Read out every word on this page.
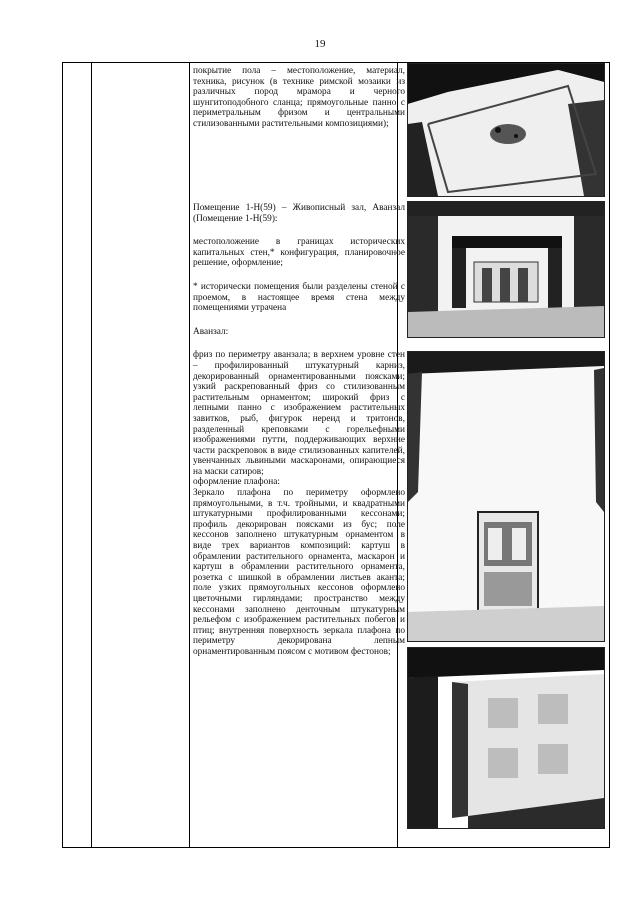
19

покрытие пола – местоположение, материал, техника, рисунок (в технике римской мозаики из различных пород мрамора и черного шунгитоподобного сланца; прямоугольные панно с периметральным фризом и центральными стилизованными растительными композициями);

Помещение 1-Н(59) – Живописный зал, Аванзал (Помещение 1-Н(59):

местоположение в границах исторических капитальных стен,* конфигурация, планировочное решение, оформление;

* исторически помещения были разделены стеной с проемом, в настоящее время стена между помещениями утрачена

Аванзал:

фриз по периметру аванзала; в верхнем уровне стен – профилированный штукатурный карниз, декорированный орнаментированными поясками; узкий раскрепованный фриз со стилизованным растительным орнаментом; широкий фриз с лепными панно с изображением растительных завитков, рыб, фигурок нереид и тритонов, разделенный креповками с горельефными изображениями путти, поддерживающих верхние части раскреповок в виде стилизованных капителей, увенчанных львиными маскаронами, опирающиеся на маски сатиров;

оформление плафона:

Зеркало плафона по периметру оформлено прямоугольными, в т.ч. тройными, и квадратными штукатурными профилированными кессонами; профиль декорирован поясками из бус; поле кессонов заполнено штукатурным орнаментом в виде трех вариантов композиций: картуш в обрамлении растительного орнамента, маскарон и картуш в обрамлении растительного орнамента, розетка с шишкой в обрамлении листьев аканта; поле узких прямоугольных кессонов оформлено цветочными гирляндами; пространство между кессонами заполнено денточным штукатурным рельефом с изображением растительных побегов и птиц; внутренняя поверхность зеркала плафона по периметру декорирована лепным орнаментированным поясом с мотивом фестонов;
